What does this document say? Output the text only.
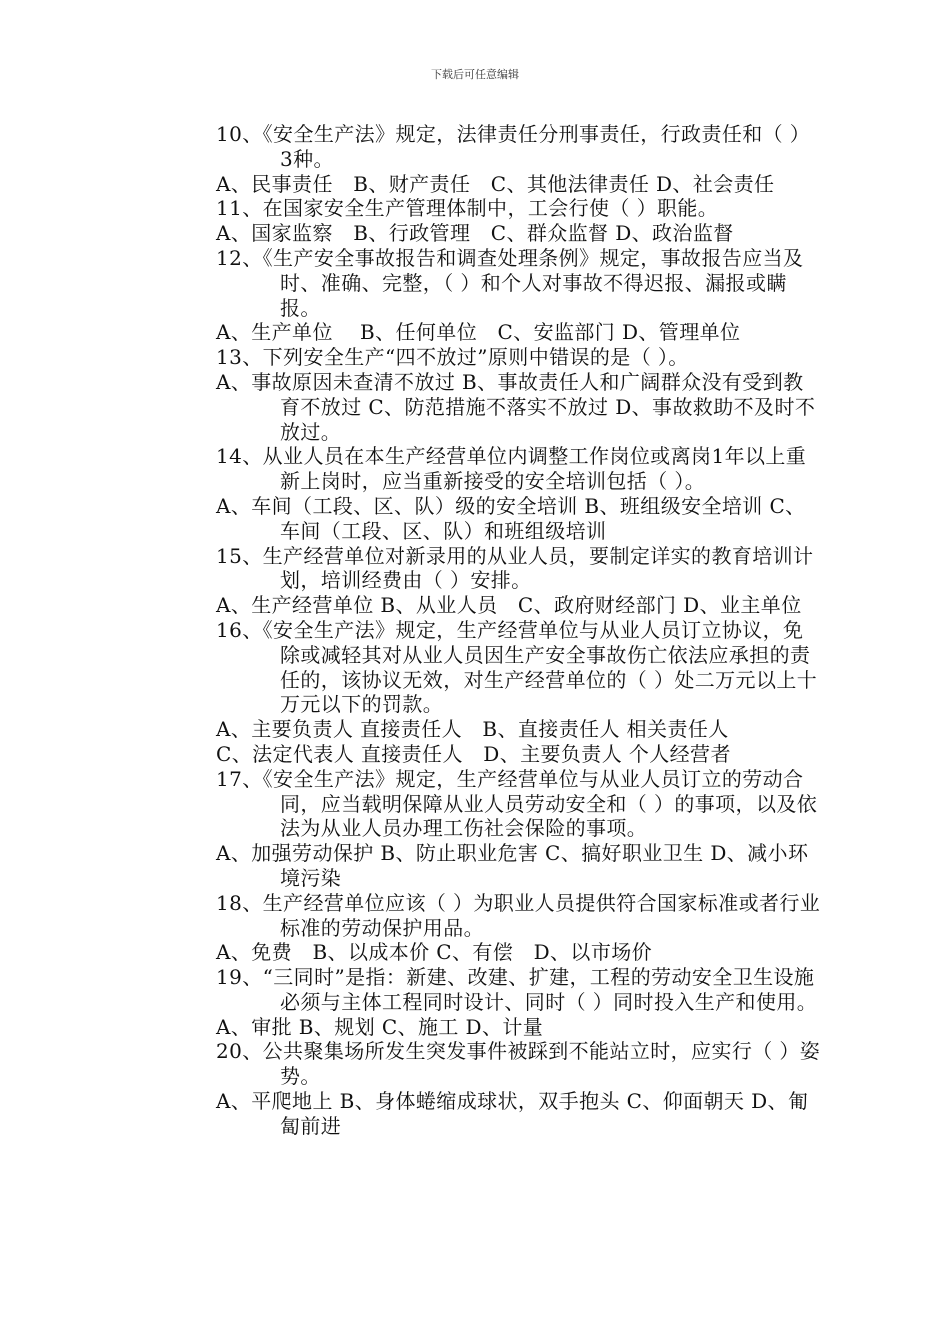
下载后可任意编辑

10、《安全生产法》规定，法律责任分刑事责任，行政责任和（ ）3种。

A、民事责任　B、财产责任　C、其他法律责任 D、社会责任

11、在国家安全生产管理体制中，工会行使（ ）职能。

A、国家监察　B、行政管理　C、群众监督 D、政治监督

12、《生产安全事故报告和调查处理条例》规定，事故报告应当及时、准确、完整，（ ）和个人对事故不得迟报、漏报或瞒报。

A、生产单位　 B、任何单位　C、安监部门 D、管理单位

13、下列安全生产“四不放过”原则中错误的是（ ）。

A、事故原因未查清不放过 B、事故责任人和广阔群众没有受到教育不放过 C、防范措施不落实不放过 D、事故救助不及时不放过。

14、从业人员在本生产经营单位内调整工作岗位或离岗1年以上重新上岗时，应当重新接受的安全培训包括（ ）。

A、车间（工段、区、队）级的安全培训 B、班组级安全培训 C、车间（工段、区、队）和班组级培训

15、生产经营单位对新录用的从业人员，要制定详实的教育培训计划，培训经费由（ ）安排。

A、生产经营单位 B、从业人员　C、政府财经部门 D、业主单位

16、《安全生产法》规定，生产经营单位与从业人员订立协议，免除或减轻其对从业人员因生产安全事故伤亡依法应承担的责任的，该协议无效，对生产经营单位的（ ）处二万元以上十万元以下的罚款。

A、主要负责人 直接责任人　B、直接责任人 相关责任人

C、法定代表人 直接责任人　D、主要负责人 个人经营者

17、《安全生产法》规定，生产经营单位与从业人员订立的劳动合同，应当载明保障从业人员劳动安全和（ ）的事项，以及依法为从业人员办理工伤社会保险的事项。

A、加强劳动保护 B、防止职业危害 C、搞好职业卫生 D、减小环境污染

18、生产经营单位应该（ ）为职业人员提供符合国家标准或者行业标准的劳动保护用品。

A、免费　B、以成本价 C、有偿　D、以市场价

19、“三同时”是指：新建、改建、扩建，工程的劳动安全卫生设施必须与主体工程同时设计、同时（ ）同时投入生产和使用。

A、审批 B、规划 C、施工 D、计量

20、公共聚集场所发生突发事件被踩到不能站立时，应实行（ ）姿势。

A、平爬地上 B、身体蜷缩成球状，双手抱头 C、仰面朝天 D、匍匐前进
